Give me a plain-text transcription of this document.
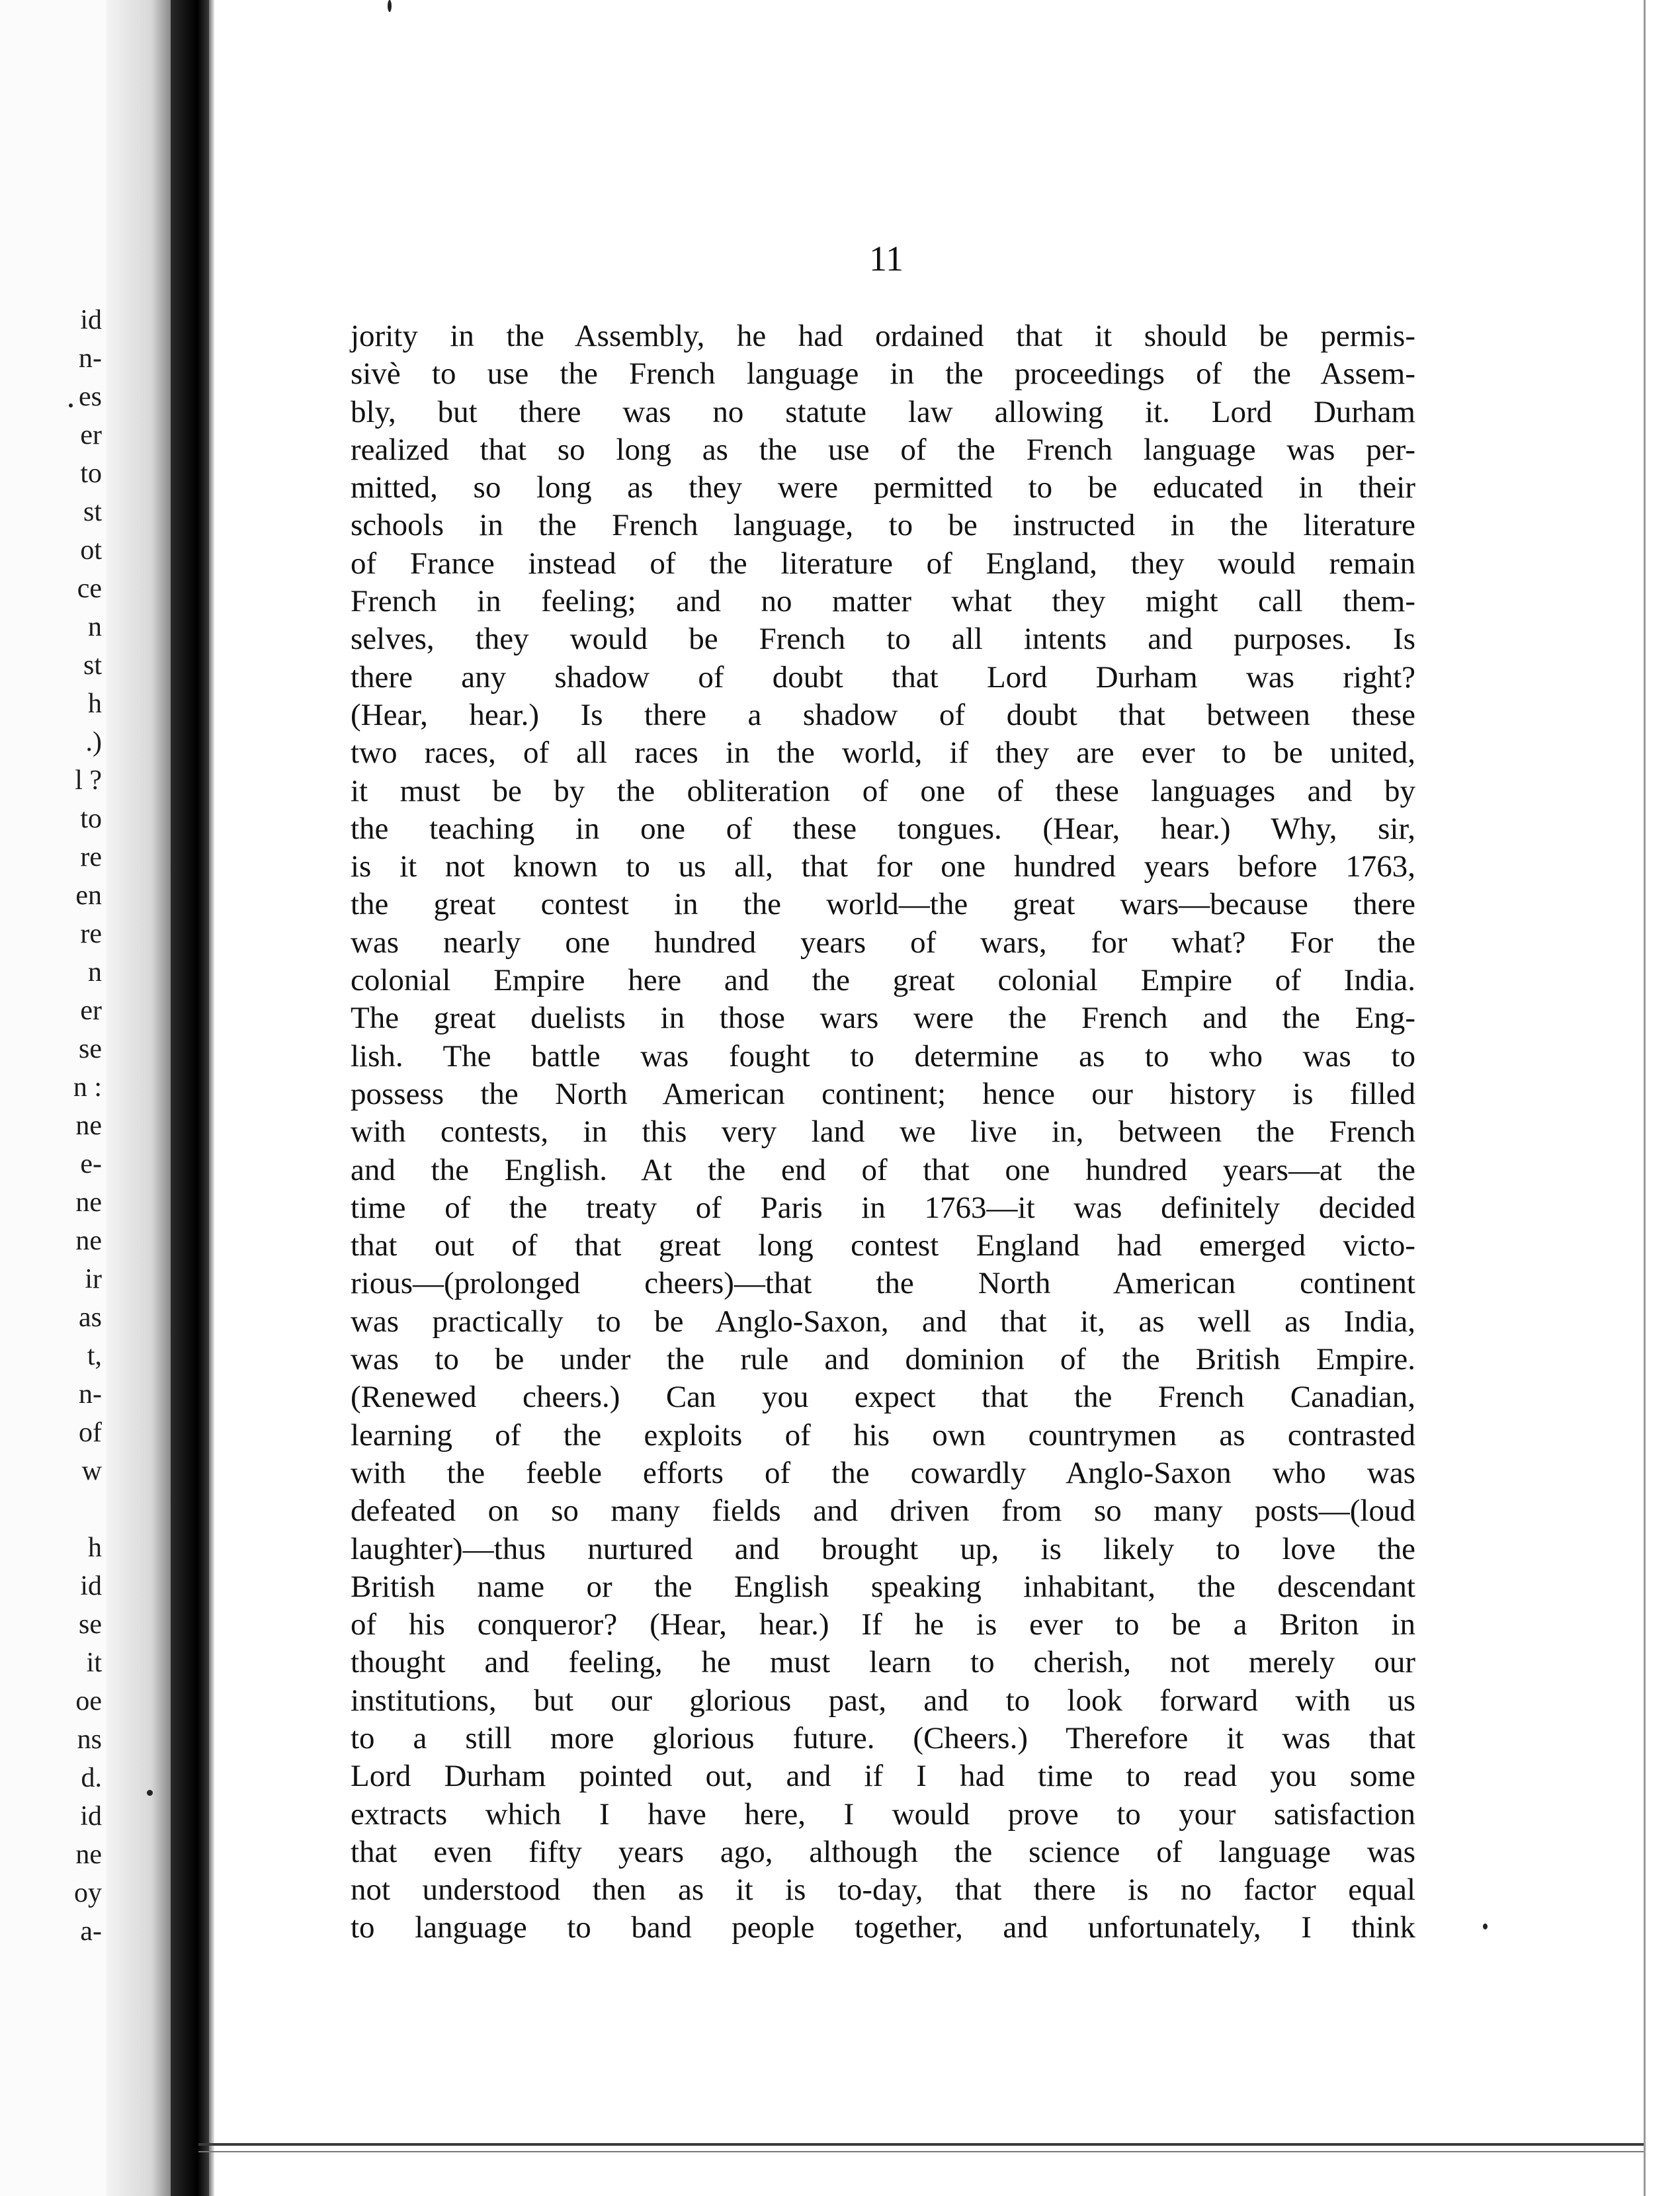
id
n-
es
er
to
st
ot
ce
n
st
h
.)
l ?
to
re
en
re
n
er
se
n :
ne
e-
ne
ne
ir
as
t,
n-
of
w
h
id
se
it
oe
ns
d.
id
ne
oy
a-
11
jority in the Assembly, he had ordained that it should be permis-
sivè to use the French language in the proceedings of the Assem-
bly, but there was no statute law allowing it. Lord Durham
realized that so long as the use of the French language was per-
mitted, so long as they were permitted to be educated in their
schools in the French language, to be instructed in the literature
of France instead of the literature of England, they would remain
French in feeling; and no matter what they might call them-
selves, they would be French to all intents and purposes. Is
there any shadow of doubt that Lord Durham was right?
(Hear, hear.) Is there a shadow of doubt that between these
two races, of all races in the world, if they are ever to be united,
it must be by the obliteration of one of these languages and by
the teaching in one of these tongues. (Hear, hear.) Why, sir,
is it not known to us all, that for one hundred years before 1763,
the great contest in the world—the great wars—because there
was nearly one hundred years of wars, for what? For the
colonial Empire here and the great colonial Empire of India.
The great duelists in those wars were the French and the Eng-
lish. The battle was fought to determine as to who was to
possess the North American continent; hence our history is filled
with contests, in this very land we live in, between the French
and the English. At the end of that one hundred years—at the
time of the treaty of Paris in 1763—it was definitely decided
that out of that great long contest England had emerged victo-
rious—(prolonged cheers)—that the North American continent
was practically to be Anglo-Saxon, and that it, as well as India,
was to be under the rule and dominion of the British Empire.
(Renewed cheers.) Can you expect that the French Canadian,
learning of the exploits of his own countrymen as contrasted
with the feeble efforts of the cowardly Anglo-Saxon who was
defeated on so many fields and driven from so many posts—(loud
laughter)—thus nurtured and brought up, is likely to love the
British name or the English speaking inhabitant, the descendant
of his conqueror? (Hear, hear.) If he is ever to be a Briton in
thought and feeling, he must learn to cherish, not merely our
institutions, but our glorious past, and to look forward with us
to a still more glorious future. (Cheers.) Therefore it was that
Lord Durham pointed out, and if I had time to read you some
extracts which I have here, I would prove to your satisfaction
that even fifty years ago, although the science of language was
not understood then as it is to-day, that there is no factor equal
to language to band people together, and unfortunately, I think
